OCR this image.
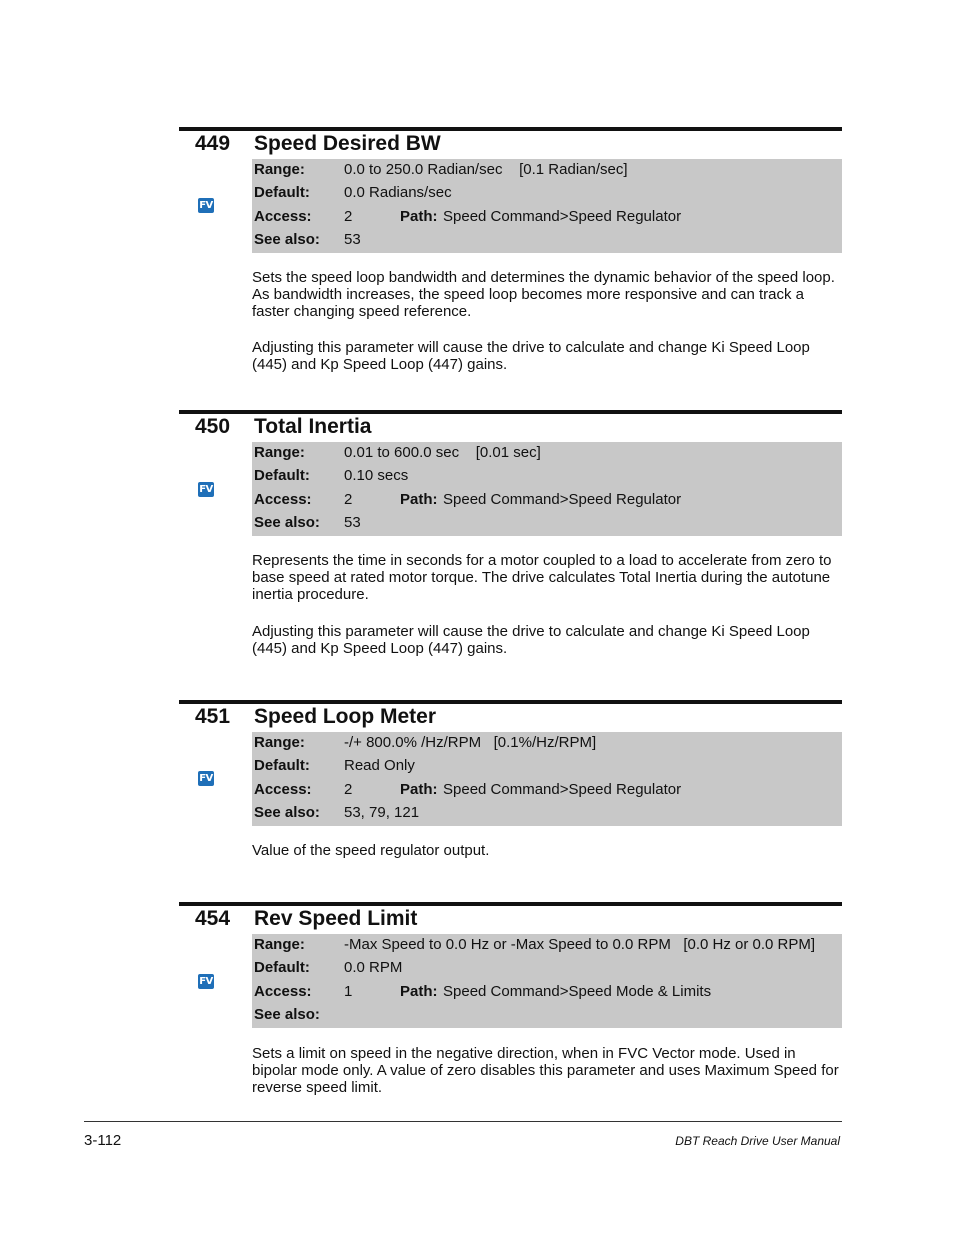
449 Speed Desired BW
Range:	0.0 to 250.0 Radian/sec    [0.1 Radian/sec]
Default: 0.0 Radians/sec
Access: 2	Path: Speed Command>Speed Regulator
See also: 53
FV

Sets the speed loop bandwidth and determines the dynamic behavior of the speed loop. As bandwidth increases, the speed loop becomes more responsive and can track a faster changing speed reference.

Adjusting this parameter will cause the drive to calculate and change Ki Speed Loop (445) and Kp Speed Loop (447) gains.

450 Total Inertia
Range:	0.01 to 600.0 sec    [0.01 sec]
Default: 0.10 secs
Access: 2	Path: Speed Command>Speed Regulator
See also: 53
FV

Represents the time in seconds for a motor coupled to a load to accelerate from zero to base speed at rated motor torque. The drive calculates Total Inertia during the autotune inertia procedure.

Adjusting this parameter will cause the drive to calculate and change Ki Speed Loop (445) and Kp Speed Loop (447) gains.

451 Speed Loop Meter
Range:	-/+ 800.0% /Hz/RPM   [0.1%/Hz/RPM]
Default: Read Only
Access: 2	Path: Speed Command>Speed Regulator
See also: 53, 79, 121
FV

Value of the speed regulator output.

454 Rev Speed Limit
Range:	-Max Speed to 0.0 Hz or -Max Speed to 0.0 RPM   [0.0 Hz or 0.0 RPM]
Default: 0.0 RPM
Access: 1	Path: Speed Command>Speed Mode & Limits
See also:
FV

Sets a limit on speed in the negative direction, when in FVC Vector mode. Used in bipolar mode only. A value of zero disables this parameter and uses Maximum Speed for reverse speed limit.

3-112	DBT Reach Drive User Manual
